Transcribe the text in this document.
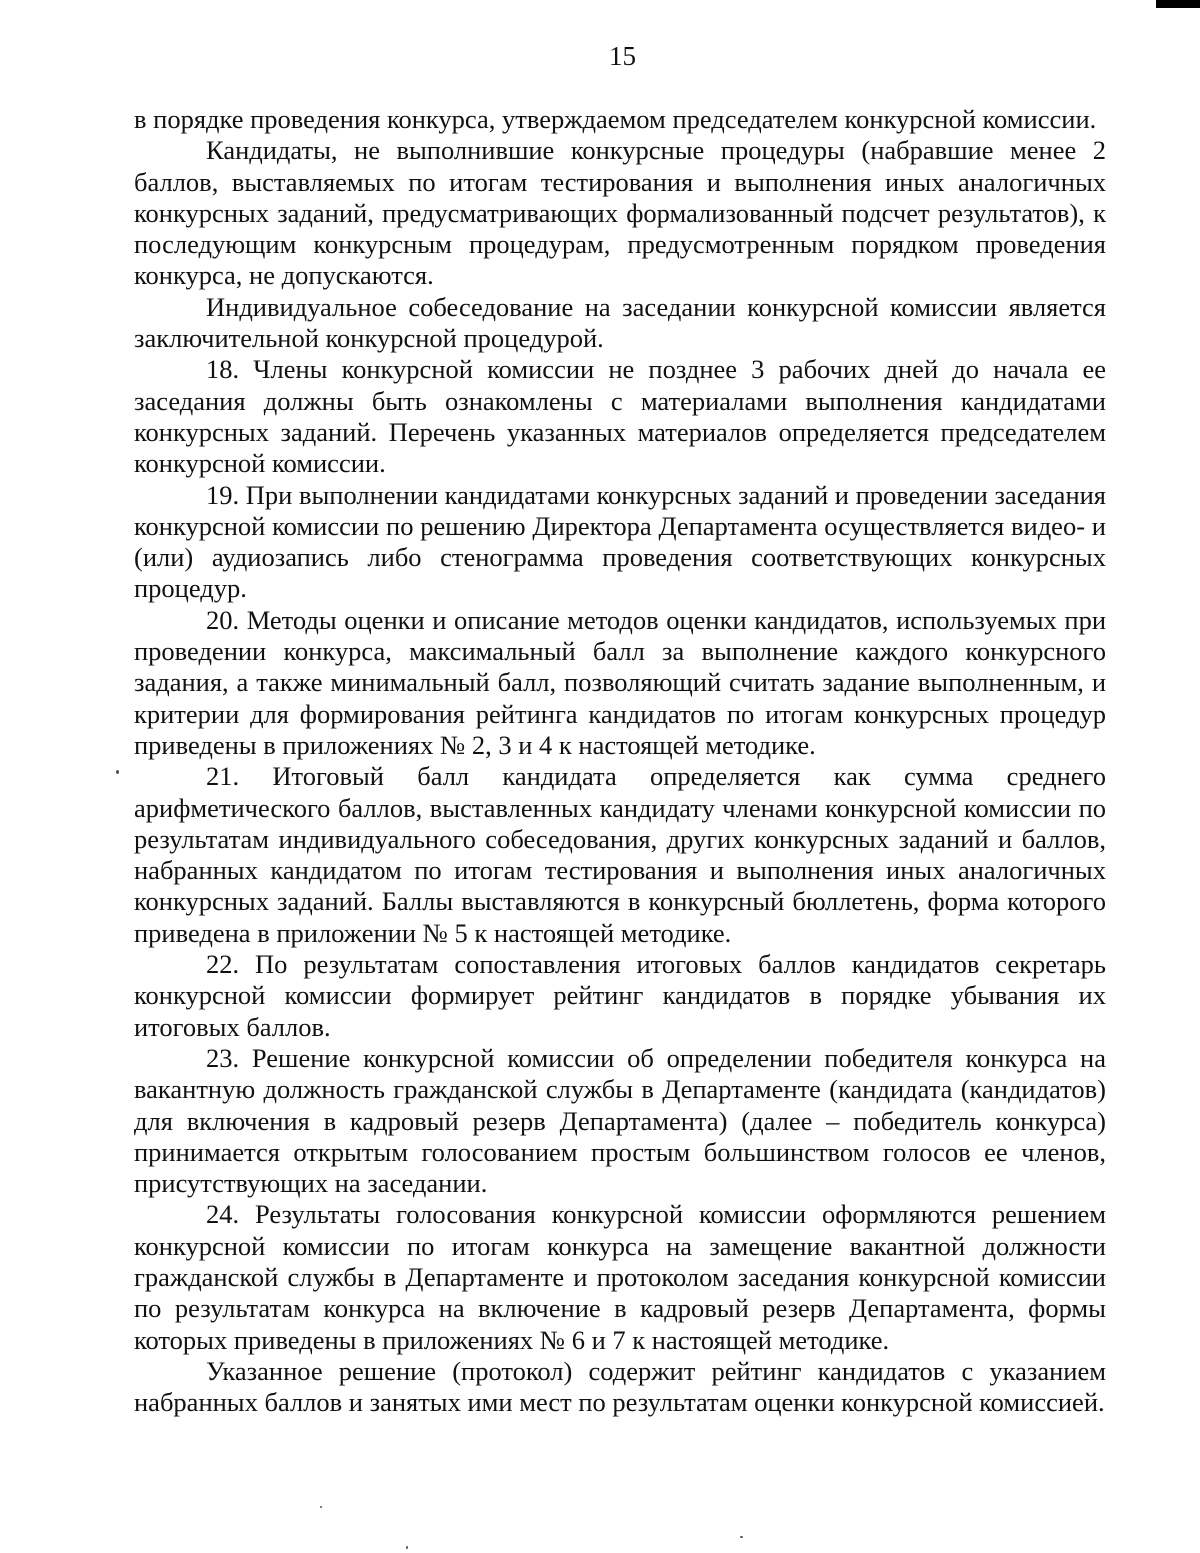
15

в порядке проведения конкурса, утверждаемом председателем конкурсной комиссии.

Кандидаты, не выполнившие конкурсные процедуры (набравшие менее 2 баллов, выставляемых по итогам тестирования и выполнения иных аналогичных конкурсных заданий, предусматривающих формализованный подсчет результатов), к последующим конкурсным процедурам, предусмотренным порядком проведения конкурса, не допускаются.

Индивидуальное собеседование на заседании конкурсной комиссии является заключительной конкурсной процедурой.

18. Члены конкурсной комиссии не позднее 3 рабочих дней до начала ее заседания должны быть ознакомлены с материалами выполнения кандидатами конкурсных заданий. Перечень указанных материалов определяется председателем конкурсной комиссии.

19. При выполнении кандидатами конкурсных заданий и проведении заседания конкурсной комиссии по решению Директора Департамента осуществляется видео- и (или) аудиозапись либо стенограмма проведения соответствующих конкурсных процедур.

20. Методы оценки и описание методов оценки кандидатов, используемых при проведении конкурса, максимальный балл за выполнение каждого конкурсного задания, а также минимальный балл, позволяющий считать задание выполненным, и критерии для формирования рейтинга кандидатов по итогам конкурсных процедур приведены в приложениях № 2, 3 и 4 к настоящей методике.

21. Итоговый балл кандидата определяется как сумма среднего арифметического баллов, выставленных кандидату членами конкурсной комиссии по результатам индивидуального собеседования, других конкурсных заданий и баллов, набранных кандидатом по итогам тестирования и выполнения иных аналогичных конкурсных заданий. Баллы выставляются в конкурсный бюллетень, форма которого приведена в приложении № 5 к настоящей методике.

22. По результатам сопоставления итоговых баллов кандидатов секретарь конкурсной комиссии формирует рейтинг кандидатов в порядке убывания их итоговых баллов.

23. Решение конкурсной комиссии об определении победителя конкурса на вакантную должность гражданской службы в Департаменте (кандидата (кандидатов) для включения в кадровый резерв Департамента) (далее – победитель конкурса) принимается открытым голосованием простым большинством голосов ее членов, присутствующих на заседании.

24. Результаты голосования конкурсной комиссии оформляются решением конкурсной комиссии по итогам конкурса на замещение вакантной должности гражданской службы в Департаменте и протоколом заседания конкурсной комиссии по результатам конкурса на включение в кадровый резерв Департамента, формы которых приведены в приложениях № 6 и 7 к настоящей методике.

Указанное решение (протокол) содержит рейтинг кандидатов с указанием набранных баллов и занятых ими мест по результатам оценки конкурсной комиссией.
